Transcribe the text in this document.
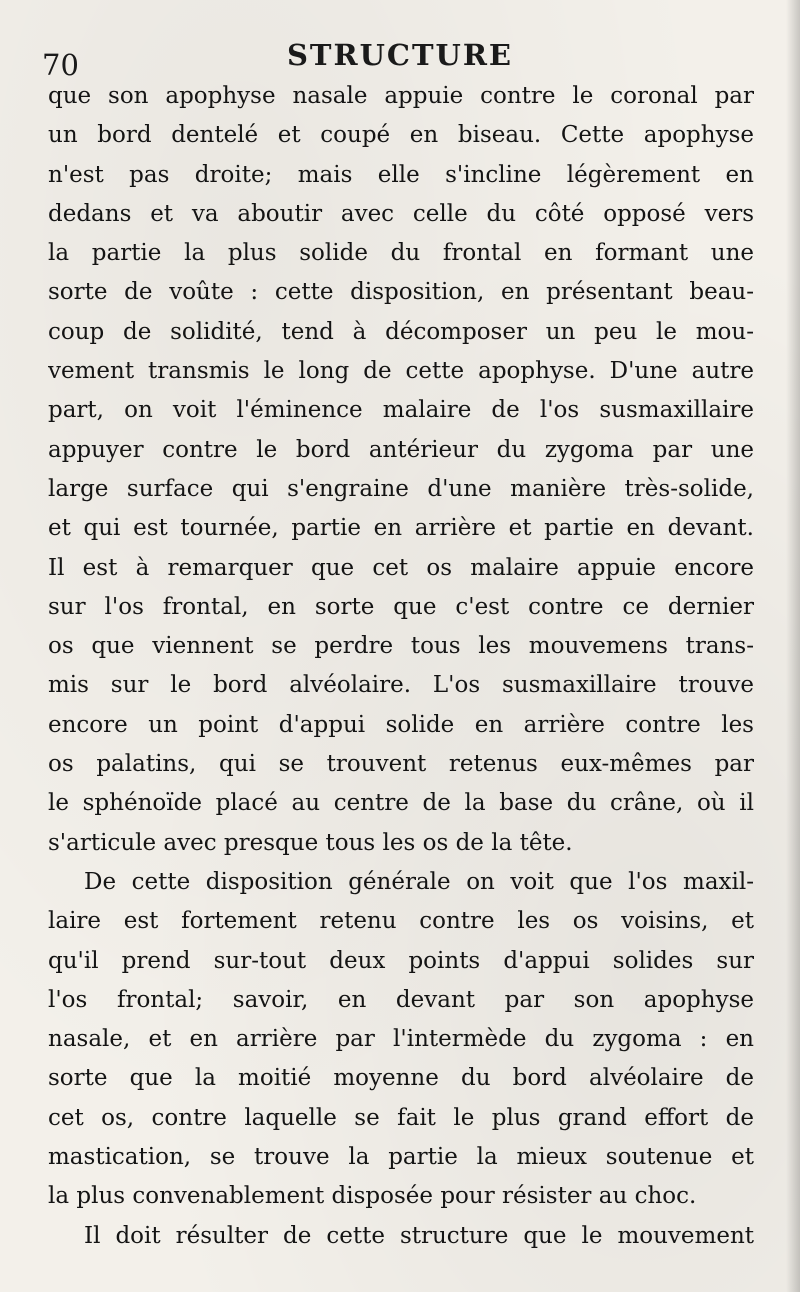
70	STRUCTURE

que son apophyse nasale appuie contre le coronal par
un bord dentelé et coupé en biseau. Cette apophyse
n'est pas droite; mais elle s'incline légèrement en
dedans et va aboutir avec celle du côté opposé vers
la partie la plus solide du frontal en formant une
sorte de voûte : cette disposition, en présentant beau-
coup de solidité, tend à décomposer un peu le mou-
vement transmis le long de cette apophyse. D'une autre
part, on voit l'éminence malaire de l'os susmaxillaire
appuyer contre le bord antérieur du zygoma par une
large surface qui s'engraine d'une manière très-solide,
et qui est tournée, partie en arrière et partie en devant.
Il est à remarquer que cet os malaire appuie encore
sur l'os frontal, en sorte que c'est contre ce dernier
os que viennent se perdre tous les mouvemens trans-
mis sur le bord alvéolaire. L'os susmaxillaire trouve
encore un point d'appui solide en arrière contre les
os palatins, qui se trouvent retenus eux-mêmes par
le sphénoïde placé au centre de la base du crâne, où il
s'articule avec presque tous les os de la tête.
De cette disposition générale on voit que l'os maxil-
laire est fortement retenu contre les os voisins, et
qu'il prend sur-tout deux points d'appui solides sur
l'os frontal; savoir, en devant par son apophyse
nasale, et en arrière par l'intermède du zygoma : en
sorte que la moitié moyenne du bord alvéolaire de
cet os, contre laquelle se fait le plus grand effort de
mastication, se trouve la partie la mieux soutenue et
la plus convenablement disposée pour résister au choc.
Il doit résulter de cette structure que le mouvement
